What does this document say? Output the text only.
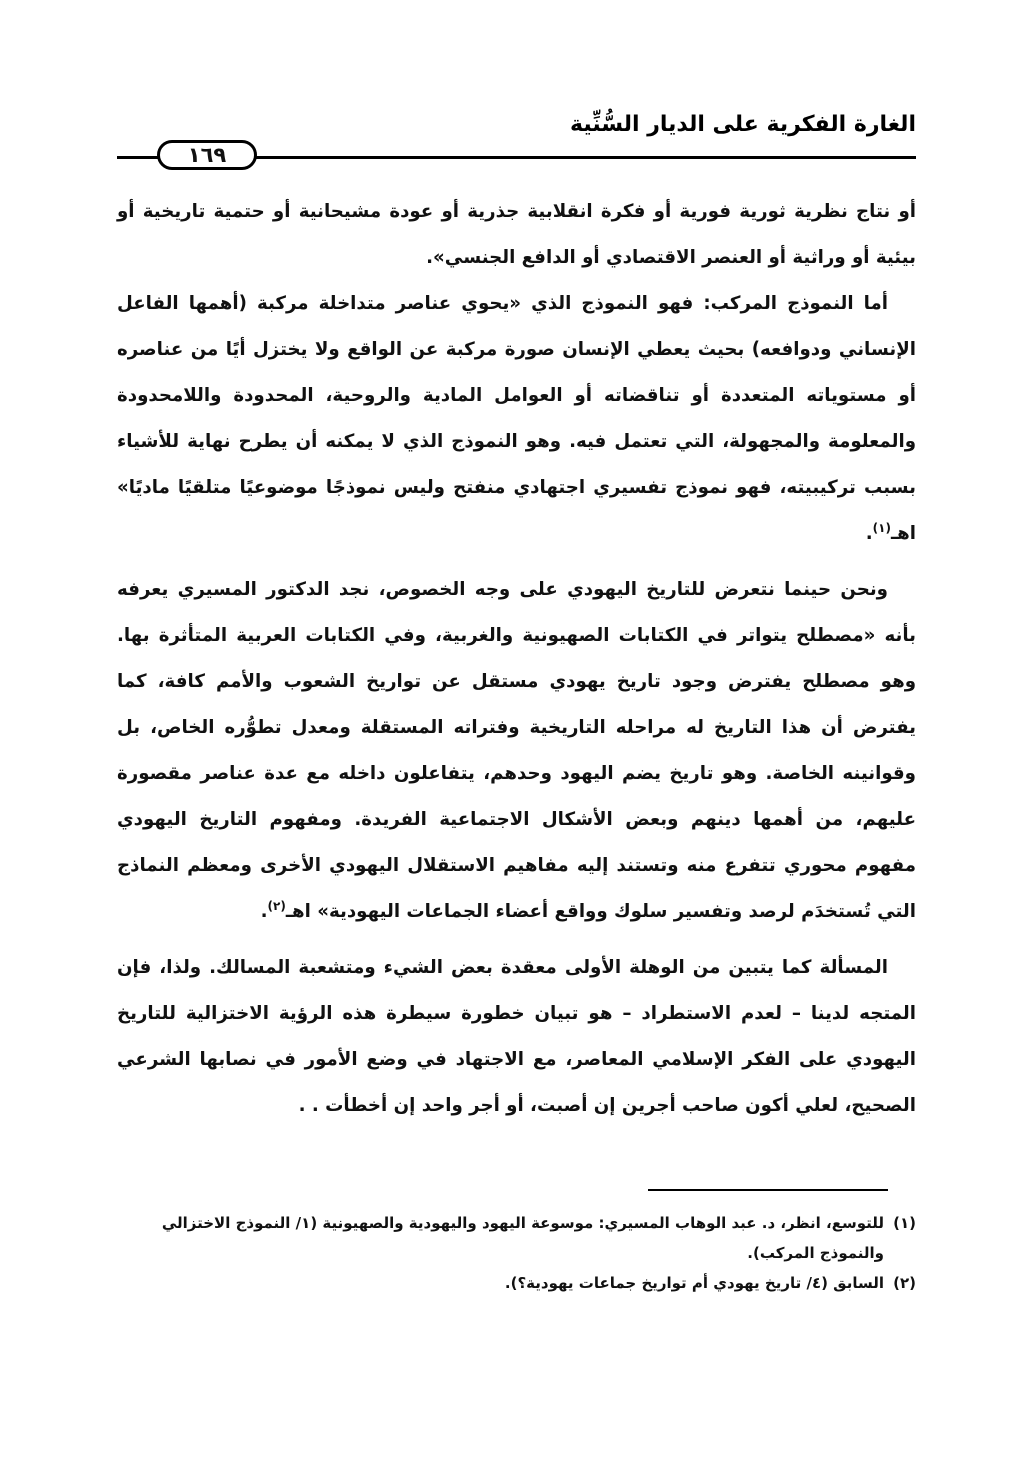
الغارة الفكرية على الديار السُّنِّية
١٦٩

أو نتاج نظرية ثورية فورية أو فكرة انقلابية جذرية أو عودة مشيحانية أو حتمية تاريخية أو بيئية أو وراثية أو العنصر الاقتصادي أو الدافع الجنسي».

أما النموذج المركب: فهو النموذج الذي «يحوي عناصر متداخلة مركبة (أهمها الفاعل الإنساني ودوافعه) بحيث يعطي الإنسان صورة مركبة عن الواقع ولا يختزل أيًا من عناصره أو مستوياته المتعددة أو تناقضاته أو العوامل المادية والروحية، المحدودة واللامحدودة والمعلومة والمجهولة، التي تعتمل فيه. وهو النموذج الذي لا يمكنه أن يطرح نهاية للأشياء بسبب تركيبيته، فهو نموذج تفسيري اجتهادي منفتح وليس نموذجًا موضوعيًا متلقيًا ماديًا» اهـ$^{(١)}$.

ونحن حينما نتعرض للتاريخ اليهودي على وجه الخصوص، نجد الدكتور المسيري يعرفه بأنه «مصطلح يتواتر في الكتابات الصهيونية والغربية، وفي الكتابات العربية المتأثرة بها. وهو مصطلح يفترض وجود تاريخ يهودي مستقل عن تواريخ الشعوب والأمم كافة، كما يفترض أن هذا التاريخ له مراحله التاريخية وفتراته المستقلة ومعدل تطوُّره الخاص، بل وقوانينه الخاصة. وهو تاريخ يضم اليهود وحدهم، يتفاعلون داخله مع عدة عناصر مقصورة عليهم، من أهمها دينهم وبعض الأشكال الاجتماعية الفريدة. ومفهوم التاريخ اليهودي مفهوم محوري تتفرع منه وتستند إليه مفاهيم الاستقلال اليهودي الأخرى ومعظم النماذج التي تُستخدَم لرصد وتفسير سلوك وواقع أعضاء الجماعات اليهودية» اهـ$^{(٢)}$.

المسألة كما يتبين من الوهلة الأولى معقدة بعض الشيء ومتشعبة المسالك. ولذا، فإن المتجه لدينا – لعدم الاستطراد – هو تبيان خطورة سيطرة هذه الرؤية الاختزالية للتاريخ اليهودي على الفكر الإسلامي المعاصر، مع الاجتهاد في وضع الأمور في نصابها الشرعي الصحيح، لعلي أكون صاحب أجرين إن أصبت، أو أجر واحد إن أخطأت . .

(١)
للتوسع، انظر، د. عبد الوهاب المسيري: موسوعة اليهود واليهودية والصهيونية (١/ النموذج الاختزالي والنموذج المركب).
(٢)
السابق (٤/ تاريخ يهودي أم تواريخ جماعات يهودية؟).
